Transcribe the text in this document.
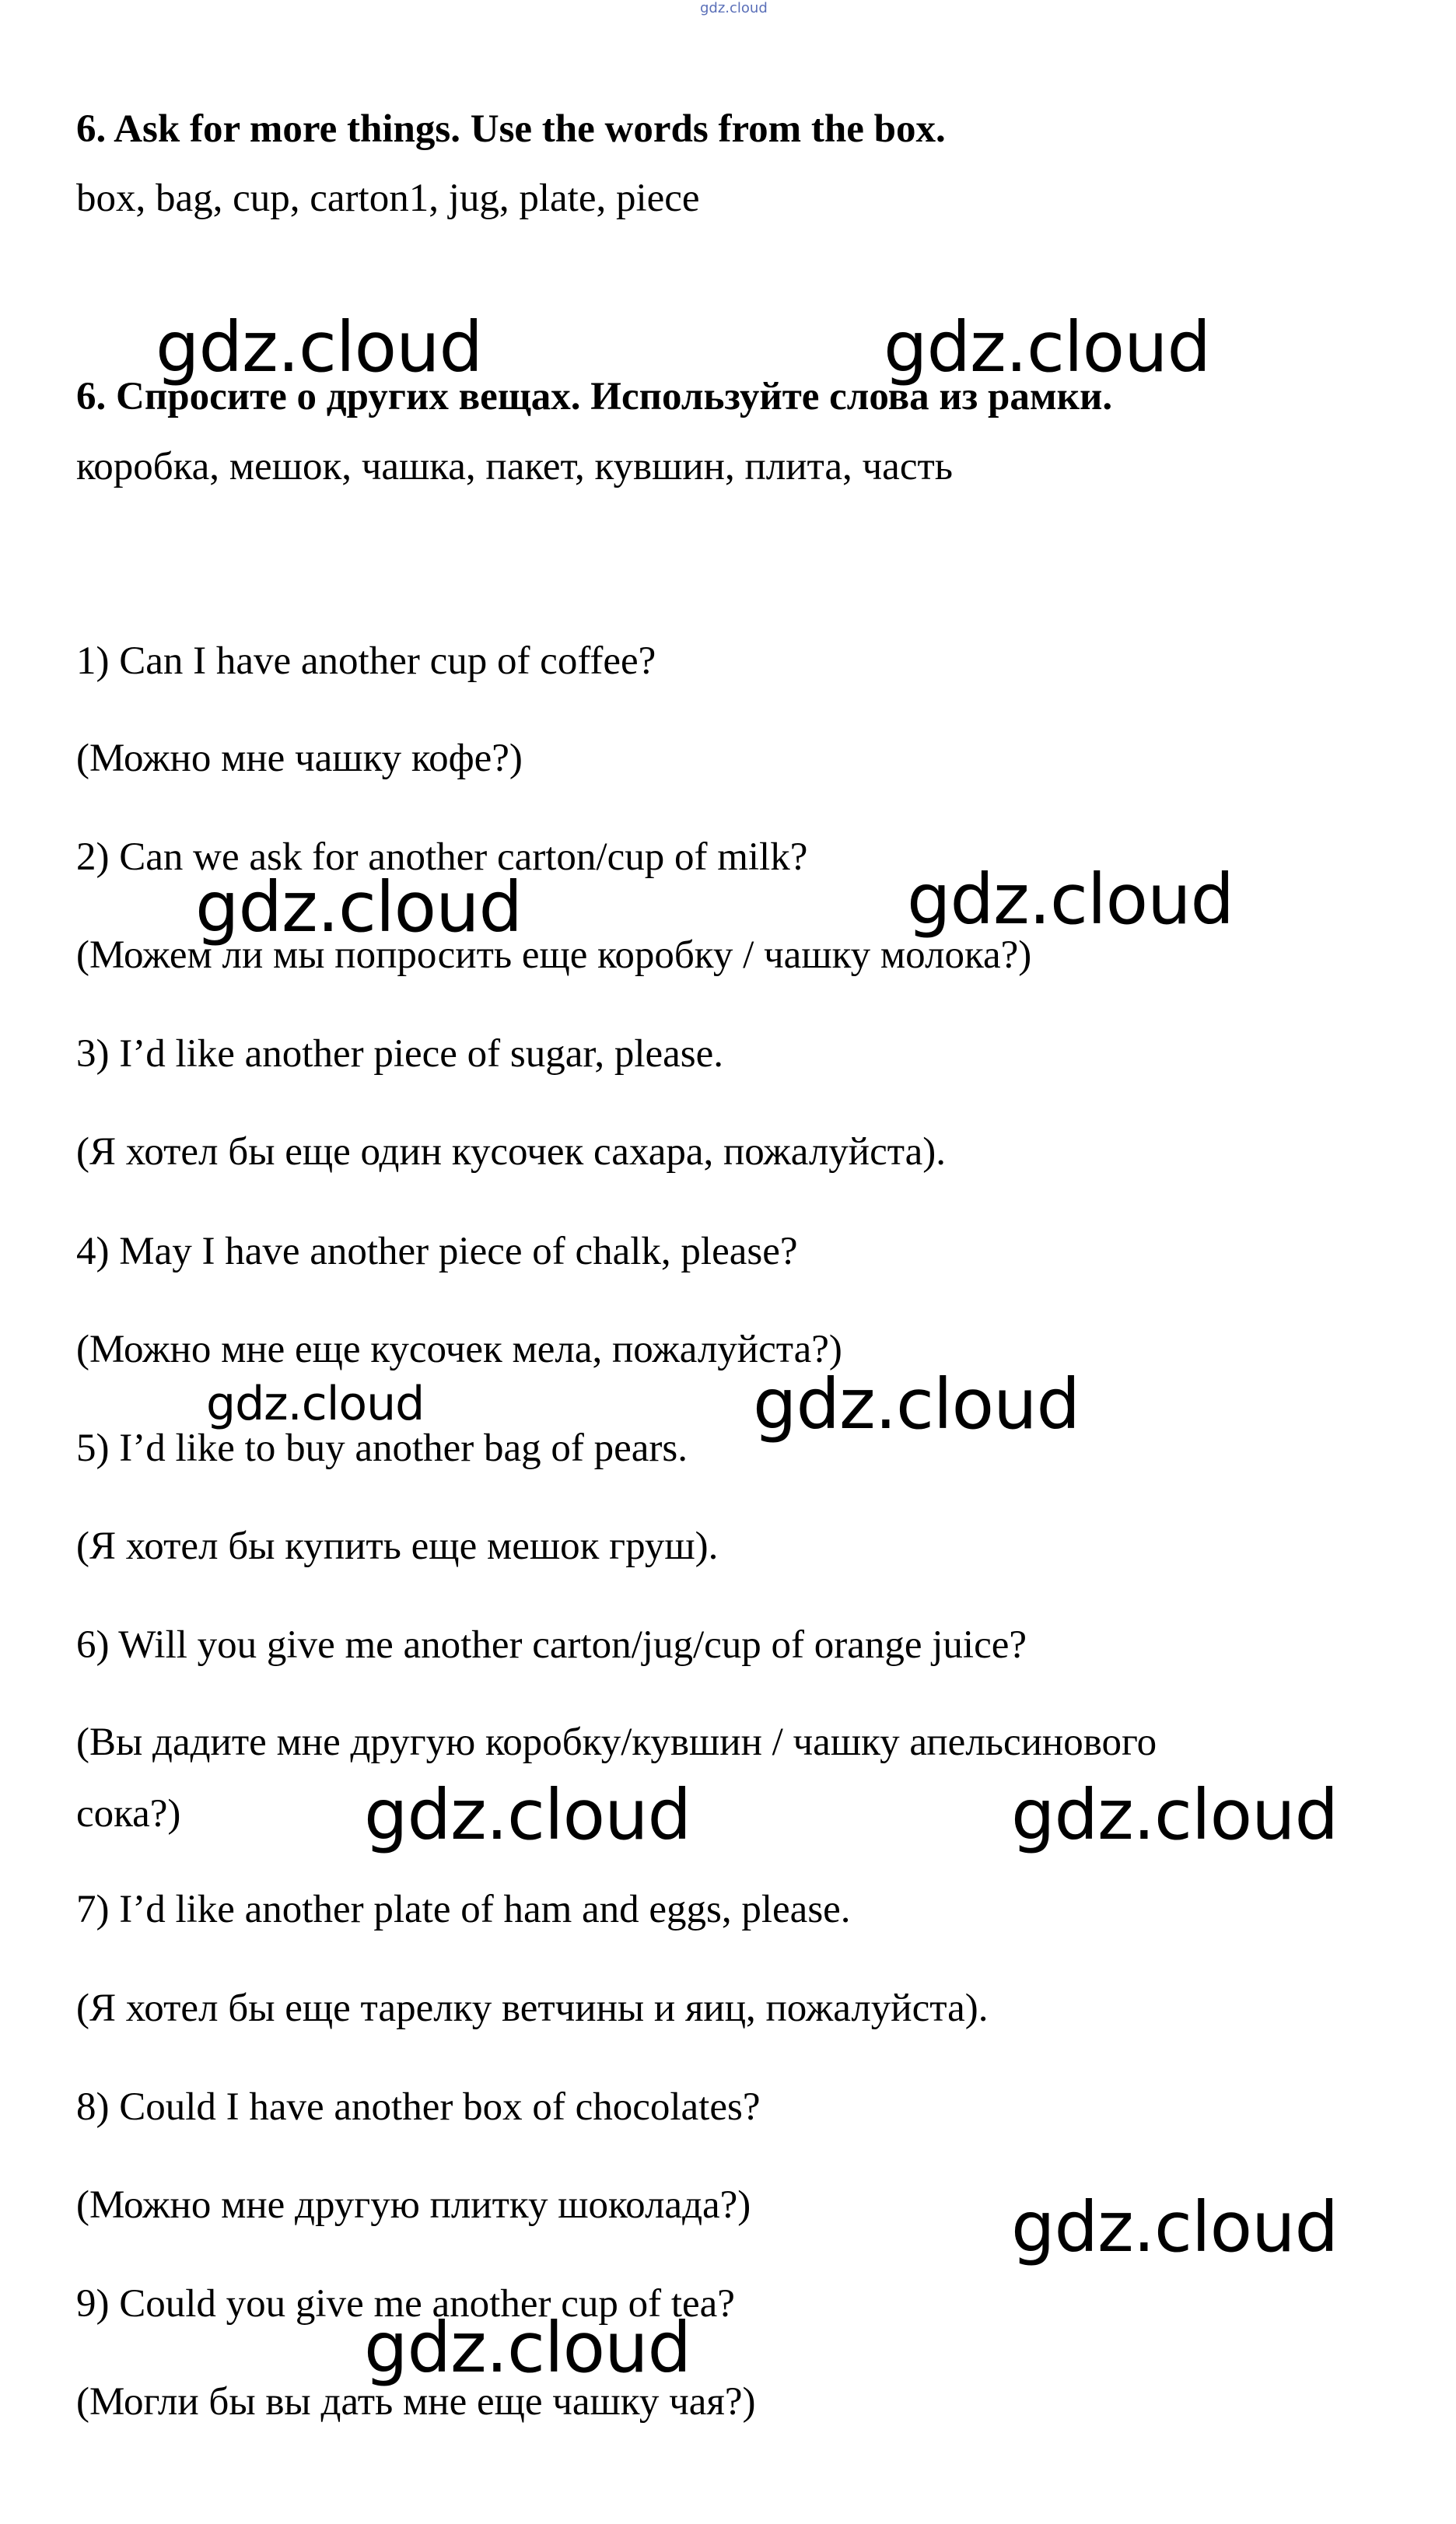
gdz.cloud
6. Ask for more things. Use the words from the box.
box, bag, cup, carton1, jug, plate, piece
6. Спросите о других вещах. Используйте слова из рамки.
коробка, мешок, чашка, пакет, кувшин, плита, часть
1) Can I have another cup of coffee?
(Можно мне чашку кофе?)
2) Can we ask for another carton/cup of milk?
(Можем ли мы попросить еще коробку / чашку молока?)
3) I’d like another piece of sugar, please.
(Я хотел бы еще один кусочек сахара, пожалуйста).
4) May I have another piece of chalk, please?
(Можно мне еще кусочек мела, пожалуйста?)
5) I’d like to buy another bag of pears.
(Я хотел бы купить еще мешок груш).
6) Will you give me another carton/jug/cup of orange juice?
(Вы дадите мне другую коробку/кувшин / чашку апельсинового
сока?)
7) I’d like another plate of ham and eggs, please.
(Я хотел бы еще тарелку ветчины и яиц, пожалуйста).
8) Could I have another box of chocolates?
(Можно мне другую плитку шоколада?)
9) Could you give me another cup of tea?
(Могли бы вы дать мне еще чашку чая?)
gdz.cloud	gdz.cloud
gdz.cloud	gdz.cloud
gdz.cloud	gdz.cloud
gdz.cloud	gdz.cloud
gdz.cloud
gdz.cloud
